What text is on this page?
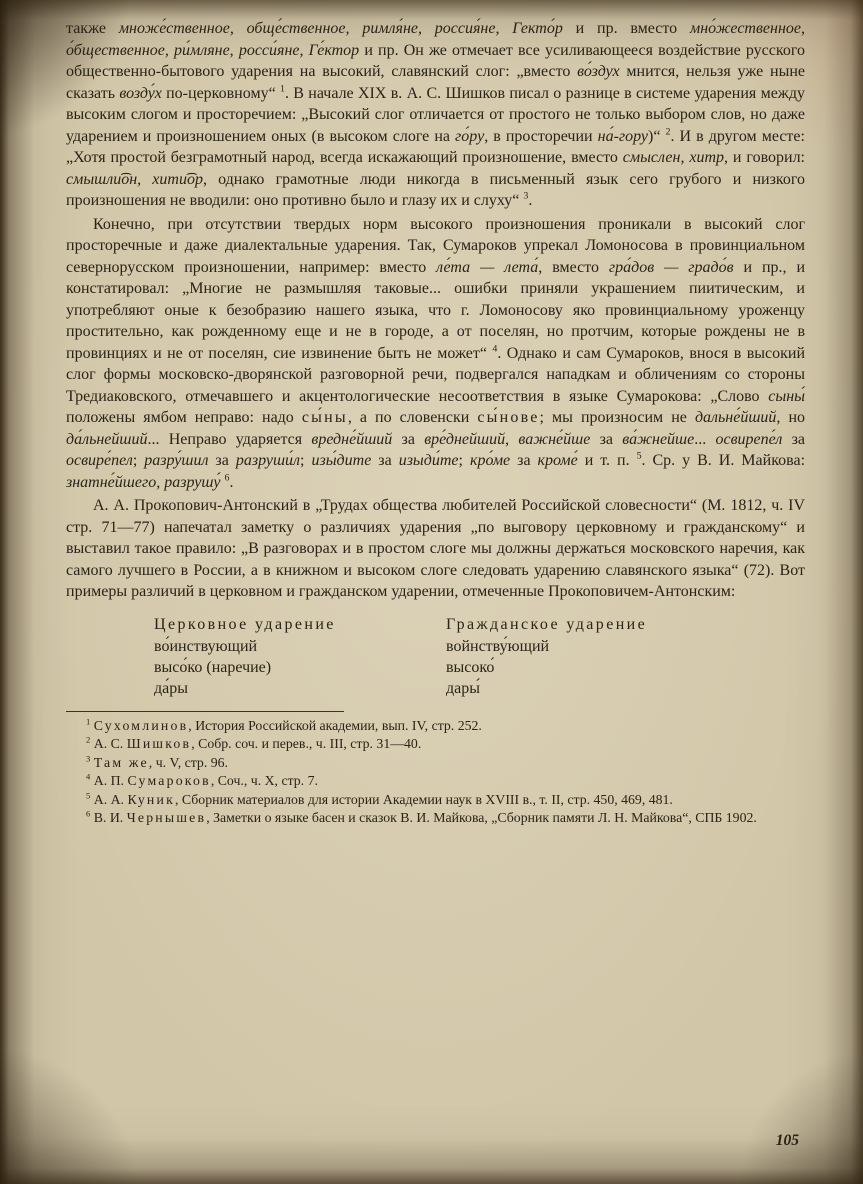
также множе́ственное, обще́ственное, римля́не, россия́не, Гекто́р и пр. вместо мно́жественное, о́бщественное, ри́мляне, росси́яне, Ге́ктор и пр. Он же отмечает все усиливающееся воздействие русского общественно-бытового ударения на высокий, славянский слог: „вместо во́здух мнится, нельзя уже ныне сказать возду́х по-церковному“ $^1$. В начале XIX в. А. С. Шишков писал о разнице в системе ударения между высоким слогом и просторечием: „Высокий слог отличается от простого не только выбором слов, но даже ударением и произношением оных (в высоком слоге на го́ру, в просторечии на́-гору)“ $^2$. И в другом месте: „Хотя простой безграмотный народ, всегда искажающий произношение, вместо смыслен, хитр, и говорил: смышли͡он, хити͡ор, однако грамотные люди никогда в письменный язык сего грубого и низкого произношения не вводили: оно противно было и глазу их и слуху“ $^3$.

Конечно, при отсутствии твердых норм высокого произношения проникали в высокий слог просторечные и даже диалектальные ударения. Так, Сумароков упрекал Ломоносова в провинциальном севернорусском произношении, например: вместо ле́та — лета́, вместо гра́дов — градо́в и пр., и констатировал: „Многие не размышляя таковые... ошибки приняли украшением пиитическим, и употребляют оные к безобразию нашего языка, что г. Ломоносову яко провинциальному уроженцу простительно, как рожденному еще и не в городе, а от поселян, но протчим, которые рождены не в провинциях и не от поселян, сие извинение быть не может“ $^4$. Однако и сам Сумароков, внося в высокий слог формы московско-дворянской разговорной речи, подвергался нападкам и обличениям со стороны Тредиаковского, отмечавшего и акцентологические несоответствия в языке Сумарокова: „Слово сыны́ положены ямбом неправо: надо сы́ны, а по словенски сы́нове; мы произносим не дальне́йший, но да́льнейший... Неправо ударяется вредне́йший за вре́днейший, важне́йше за ва́жнейше... освирепе́л за освире́пел; разру́шил за разруши́л; изы́дите за изыди́те; кро́ме за кроме́ и т. п. $^5$. Ср. у В. И. Майкова: знатне́йшего, разрушу́ $^6$.

А. А. Прокопович-Антонский в „Трудах общества любителей Российской словесности“ (М. 1812, ч. IV стр. 71—77) напечатал заметку о различиях ударения „по выговору церковному и гражданскому“ и выставил такое правило: „В разговорах и в простом слоге мы должны держаться московского наречия, как самого лучшего в России, а в книжном и высоком слоге следовать ударению славянского языка“ (72). Вот примеры различий в церковном и гражданском ударении, отмеченные Прокоповичем-Антонским:

Церковное ударение
во́инствующий
высо́ко (наречие)
да́ры
Гражданское ударение
войнству́ющий
высоко́
дары́

$^1$ Сухомлинов, История Российской академии, вып. IV, стр. 252.

$^2$ А. С. Шишков, Собр. соч. и перев., ч. III, стр. 31—40.

$^3$ Там же, ч. V, стр. 96.

$^4$ А. П. Сумароков, Соч., ч. X, стр. 7.

$^5$ А. А. Куник, Сборник материалов для истории Академии наук в XVIII в., т. II, стр. 450, 469, 481.

$^6$ В. И. Чернышев, Заметки о языке басен и сказок В. И. Майкова, „Сборник памяти Л. Н. Майкова“, СПБ 1902.

105
